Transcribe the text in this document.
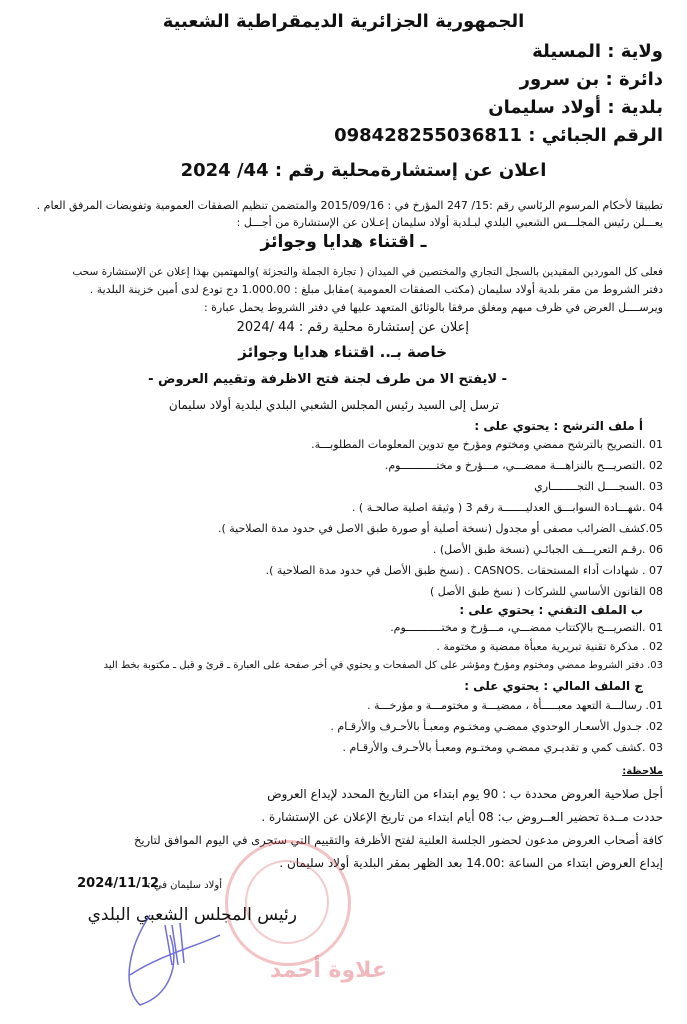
الجمهورية الجزائرية الديمقراطية الشعبية
ولاية : المسيلة
دائرة : بن سرور
بلدية : أولاد سليمان
الرقم الجبائي : 098428255036811
اعلان عن إستشارةمحلية رقم : 44/ 2024
تطبيقا لأحكام المرسوم الرئاسي رقم :15/ 247 المؤرخ في : 2015/09/16 والمتضمن تنظيم الصفقات العمومية وتفويضات المرفق العام .
يعـــلن رئيس المجلـــس الشعبي البلدي لبـلدية أولاد سليمان إعـلان عن الإستشارة من أجـــل :
ـ اقتناء هدايا وجوائز
فعلى كل الموردين المقيدين بالسجل التجاري والمختصين في الميدان ( تجارة الجملة والتجزئة )والمهتمين بهذا إعلان عن الإستشارة سحب
دفتر الشروط من مقر بلدية أولاد سليمان (مكتب الصفقات العمومية )مقابل مبلغ : 1.000.00 دج تودع لدى أمين خزينة البلدية .
ويرســــل العرض في ظرف مبهم ومغلق مرفقا بالوثائق المتعهد عليها في دفتر الشروط يحمل عبارة :
إعلان عن إستشارة محلية رقم : 44 /2024
خاصة بـ.. اقتناء هدايا وجوائز
- لايفتح الا من طرف لجنة فتح الاظرفة وتقييم العروض -
ترسل إلى السيد رئيس المجلس الشعبي البلدي لبلدية أولاد سليمان
أ ملف الترشح : يحتوي على :
01 .التصريح بالترشح ممضي ومختوم ومؤرخ مع تدوين المعلومات المطلوبـــة.
02 .التصريـــح بالنزاهـــة ممضـــي، مـــؤرخ و مختـــــــــــوم.
03 .السجــــل التجــــــــاري
04 .شهـــادة السوابـــق العدليـــــــة رقم 3 ( وثيقة اصلية صالحـة ) .
05.كشف الضرائب مصفى أو مجدول (نسخة أصلية أو صورة طبق الاصل في حدود مدة الصلاحية ).
06 .رقـم التعريـــف الجبائـي (نسخة طبق الأصل) .
07 . شهادات أداء المستحقات .CASNOS . (نسخ طبق الأصل في حدود مدة الصلاحية ).
08 القانون الأساسي للشركات ( نسخ طبق الأصل )
ب الملف التقني : يحتوي على :
01 .التصريـــح بالإكتتاب ممضـــي، مـــؤرخ و مختـــــــــــوم.
02 . مذكرة تقنية تبريرية معبأة ممضية و مختومة .
03. دفتر الشروط ممضي ومختوم ومؤرخ ومؤشر على كل الصفحات و يحتوي في أخر صفحة على العبارة ـ قرئ و قبل ـ مكتوبة بخط اليد
ج الملف المالي : يحتوي على :
01. رسالـــة التعهد معبـــــأة ، ممضيـــة و مختومـــة و مؤرخـــة .
02. جـدول الأسعـار الوحدوي ممضـي ومختـوم ومعبـأ بالأحـرف والأرقـام .
03 .كشف كمي و تقديـري ممضـي ومختـوم ومعبـأ بالأحـرف والأرقـام .
ملاحظة:
أجل صلاحية العروض محددة ب : 90 يوم ابتداء من التاريخ المحدد لإيداع العروض
حددت مــدة تحضير العــروض ب: 08 أيام ابتداء من تاريخ الإعلان عن الإستشارة .
كافة أصحاب العروض مدعون لحضور الجلسة العلنية لفتح الأظرفة والتقييم التي ستجرى في اليوم الموافق لتاريخ
إيداع العروض ابتداء من الساعة :14.00 بعد الظهر بمقر البلدية أولاد سليمان .
علاوة أحمد
أولاد سليمان في :
2024/11/12
رئيس المجلس الشعبي البلدي
